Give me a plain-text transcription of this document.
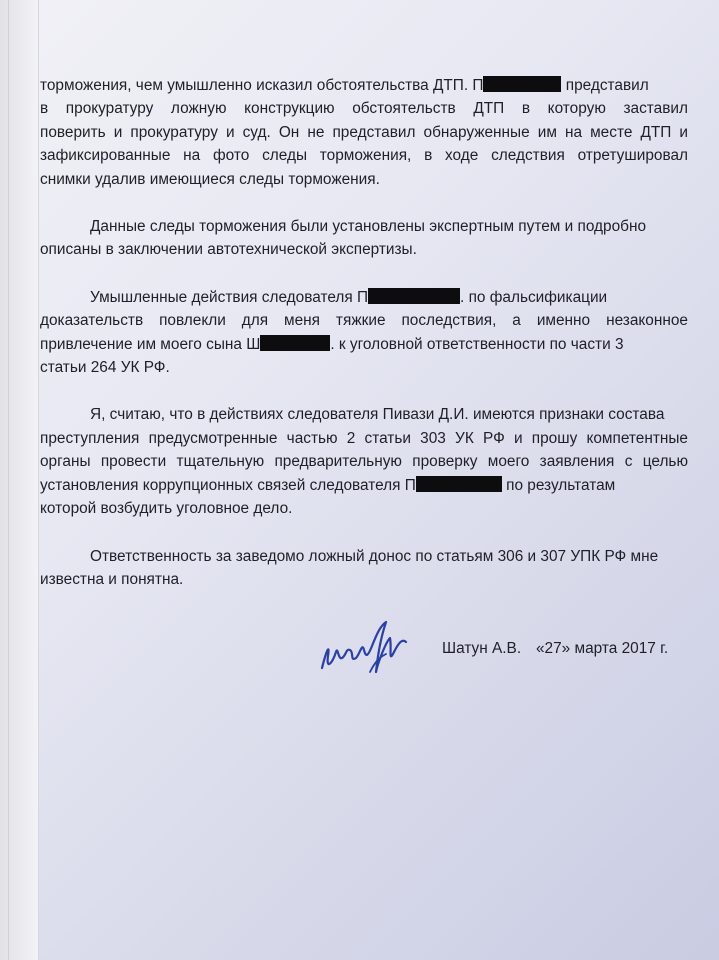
торможения, чем умышленно исказил обстоятельства ДТП. П	представил
в прокуратуру ложную конструкцию обстоятельств ДТП в которую заставил
поверить и прокуратуру и суд. Он не представил обнаруженные им на месте ДТП и
зафиксированные на фото следы торможения, в ходе следствия отретушировал
снимки удалив имеющиеся следы торможения.
Данные следы торможения были установлены экспертным путем и подробно
описаны в заключении автотехнической экспертизы.
Умышленные действия следователя П	. по фальсификации
доказательств повлекли для меня тяжкие последствия, а именно незаконное
привлечение им моего сына Ш	. к уголовной ответственности по части 3
статьи 264 УК РФ.
Я, считаю, что в действиях следователя Пивази Д.И. имеются признаки состава
преступления предусмотренные частью 2 статьи 303 УК РФ и прошу компетентные
органы провести тщательную предварительную проверку моего заявления с целью
установления коррупционных связей следователя П	по результатам
которой возбудить уголовное дело.
Ответственность за заведомо ложный донос по статьям 306 и 307 УПК РФ мне
известна и понятна.
Шатун А.В. «27» марта 2017 г.
